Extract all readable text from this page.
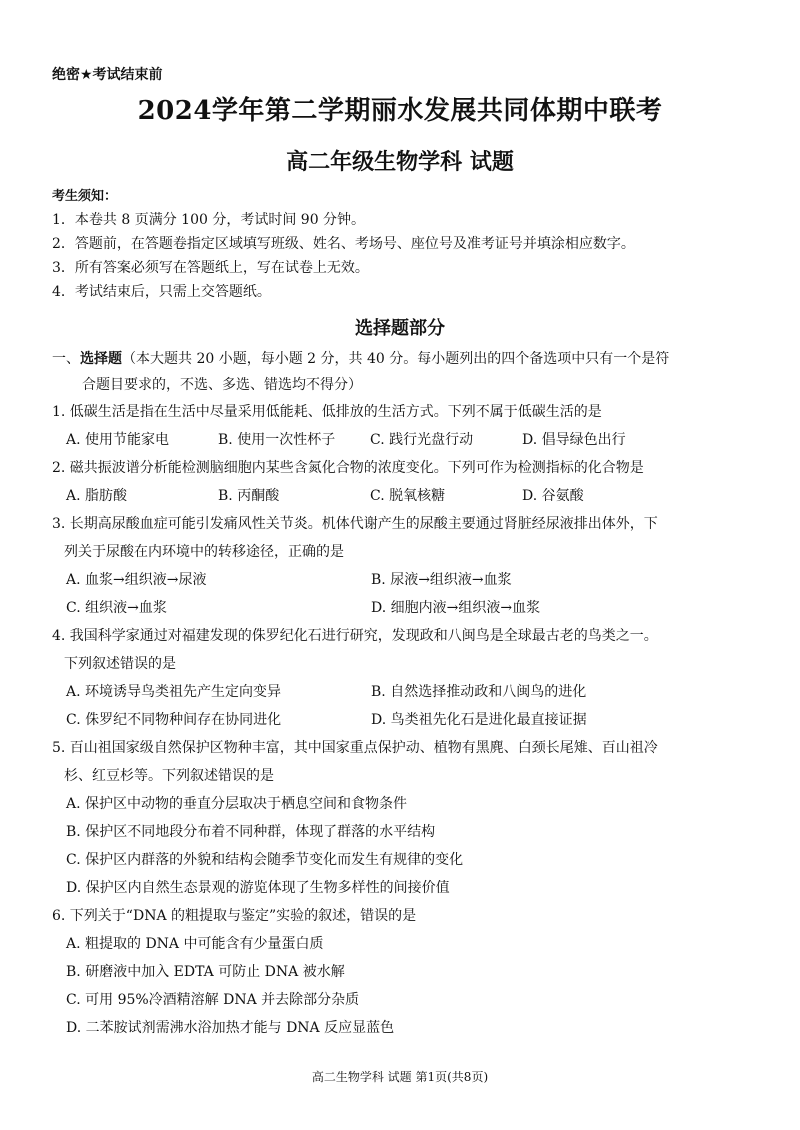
绝密★考试结束前
2024学年第二学期丽水发展共同体期中联考
高二年级生物学科 试题
考生须知：
1．本卷共 8 页满分 100 分，考试时间 90 分钟。
2．答题前，在答题卷指定区域填写班级、姓名、考场号、座位号及准考证号并填涂相应数字。
3．所有答案必须写在答题纸上，写在试卷上无效。
4．考试结束后，只需上交答题纸。
选择题部分
一、选择题（本大题共 20 小题，每小题 2 分，共 40 分。每小题列出的四个备选项中只有一个是符
合题目要求的，不选、多选、错选均不得分）
1. 低碳生活是指在生活中尽量采用低能耗、低排放的生活方式。下列不属于低碳生活的是
A. 使用节能家电	B. 使用一次性杯子	C. 践行光盘行动	D. 倡导绿色出行
2. 磁共振波谱分析能检测脑细胞内某些含氮化合物的浓度变化。下列可作为检测指标的化合物是
A. 脂肪酸	B. 丙酮酸	C. 脱氧核糖	D. 谷氨酸
3. 长期高尿酸血症可能引发痛风性关节炎。机体代谢产生的尿酸主要通过肾脏经尿液排出体外，下
列关于尿酸在内环境中的转移途径，正确的是
A. 血浆→组织液→尿液	B. 尿液→组织液→血浆
C. 组织液→血浆	D. 细胞内液→组织液→血浆
4. 我国科学家通过对福建发现的侏罗纪化石进行研究，发现政和八闽鸟是全球最古老的鸟类之一。
下列叙述错误的是
A. 环境诱导鸟类祖先产生定向变异	B. 自然选择推动政和八闽鸟的进化
C. 侏罗纪不同物种间存在协同进化	D. 鸟类祖先化石是进化最直接证据
5. 百山祖国家级自然保护区物种丰富，其中国家重点保护动、植物有黑麂、白颈长尾雉、百山祖冷
杉、红豆杉等。下列叙述错误的是
A. 保护区中动物的垂直分层取决于栖息空间和食物条件
B. 保护区不同地段分布着不同种群，体现了群落的水平结构
C. 保护区内群落的外貌和结构会随季节变化而发生有规律的变化
D. 保护区内自然生态景观的游览体现了生物多样性的间接价值
6. 下列关于“DNA 的粗提取与鉴定”实验的叙述，错误的是
A. 粗提取的 DNA 中可能含有少量蛋白质
B. 研磨液中加入 EDTA 可防止 DNA 被水解
C. 可用 95%冷酒精溶解 DNA 并去除部分杂质
D. 二苯胺试剂需沸水浴加热才能与 DNA 反应显蓝色
高二生物学科 试题 第1页(共8页)
